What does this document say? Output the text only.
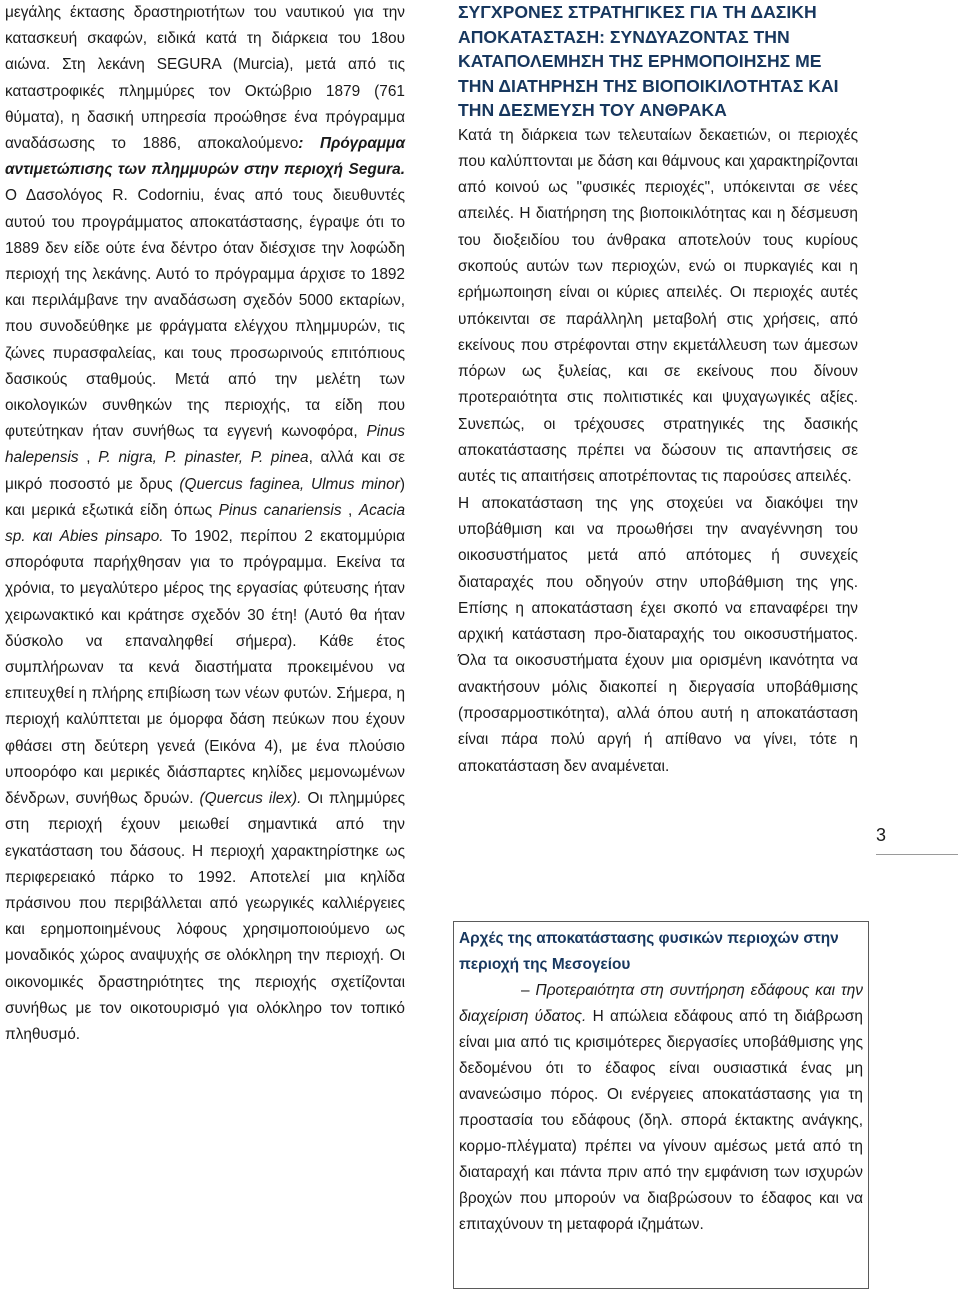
μεγάλης έκτασης δραστηριοτήτων του ναυτικού για την κατασκευή σκαφών, ειδικά κατά τη διάρκεια του 18ου αιώνα. Στη λεκάνη SEGURA (Murcia), μετά από τις καταστροφικές πλημμύρες τον Οκτώβριο 1879 (761 θύματα), η δασική υπηρεσία προώθησε ένα πρόγραμμα αναδάσωσης το 1886, αποκαλούμενο: Πρόγραμμα αντιμετώπισης των πλημμυρών στην περιοχή Segura. Ο Δασολόγος R. Codorniu, ένας από τους διευθυντές αυτού του προγράμματος αποκατάστασης, έγραψε ότι το 1889 δεν είδε ούτε ένα δέντρο όταν διέσχισε την λοφώδη περιοχή της λεκάνης. Αυτό το πρόγραμμα άρχισε το 1892 και περιλάμβανε την αναδάσωση σχεδόν 5000 εκταρίων, που συνοδεύθηκε με φράγματα ελέγχου πλημμυρών, τις ζώνες πυρασφαλείας, και τους προσωρινούς επιτόπιους δασικούς σταθμούς. Μετά από την μελέτη των οικολογικών συνθηκών της περιοχής, τα είδη που φυτεύτηκαν ήταν συνήθως τα εγγενή κωνοφόρα, Pinus halepensis , P. nigra, P. pinaster, P. pinea, αλλά και σε μικρό ποσοστό με δρυς (Quercus faginea, Ulmus minor) και μερικά εξωτικά είδη όπως Pinus canariensis , Acacia sp. και Abies pinsapo. Το 1902, περίπου 2 εκατομμύρια σπορόφυτα παρήχθησαν για το πρόγραμμα. Εκείνα τα χρόνια, το μεγαλύτερο μέρος της εργασίας φύτευσης ήταν χειρωνακτικό και κράτησε σχεδόν 30 έτη! (Αυτό θα ήταν δύσκολο να επαναληφθεί σήμερα). Κάθε έτος συμπλήρωναν τα κενά διαστήματα προκειμένου να επιτευχθεί η πλήρης επιβίωση των νέων φυτών. Σήμερα, η περιοχή καλύπτεται με όμορφα δάση πεύκων που έχουν φθάσει στη δεύτερη γενεά (Εικόνα 4), με ένα πλούσιο υποορόφο και μερικές διάσπαρτες κηλίδες μεμονωμένων δένδρων, συνήθως δρυών. (Quercus ilex). Οι πλημμύρες στη περιοχή έχουν μειωθεί σημαντικά από την εγκατάσταση του δάσους. Η περιοχή χαρακτηρίστηκε ως περιφερειακό πάρκο το 1992. Αποτελεί μια κηλίδα πράσινου που περιβάλλεται από γεωργικές καλλιέργειες και ερημοποιημένους λόφους χρησιμοποιούμενο ως μοναδικός χώρος αναψυχής σε ολόκληρη την περιοχή. Οι οικονομικές δραστηριότητες της περιοχής σχετίζονται συνήθως με τον οικοτουρισμό για ολόκληρο τον τοπικό πληθυσμό.

ΣΥΓΧΡΟΝΕΣ ΣΤΡΑΤΗΓΙΚΕΣ ΓΙΑ ΤΗ ΔΑΣΙΚΗ ΑΠΟΚΑΤΑΣΤΑΣΗ: ΣΥΝΔΥΑΖΟΝΤΑΣ ΤΗΝ ΚΑΤΑΠΟΛΕΜΗΣΗ ΤΗΣ ΕΡΗΜΟΠΟΙΗΣΗΣ ΜΕ ΤΗΝ ΔΙΑΤΗΡΗΣΗ ΤΗΣ ΒΙΟΠΟΙΚΙΛΟΤΗΤΑΣ ΚΑΙ ΤΗΝ ΔΕΣΜΕΥΣΗ ΤΟΥ ΑΝΘΡΑΚΑ

Κατά τη διάρκεια των τελευταίων δεκαετιών, οι περιοχές που καλύπτονται με δάση και θάμνους και χαρακτηρίζονται από κοινού ως "φυσικές περιοχές", υπόκεινται σε νέες απειλές. Η διατήρηση της βιοποικιλότητας και η δέσμευση του διοξειδίου του άνθρακα αποτελούν τους κυρίους σκοπούς αυτών των περιοχών, ενώ οι πυρκαγιές και η ερήμωποιηση είναι οι κύριες απειλές. Οι περιοχές αυτές υπόκεινται σε παράλληλη μεταβολή στις χρήσεις, από εκείνους που στρέφονται στην εκμετάλλευση των άμεσων πόρων ως ξυλείας, και σε εκείνους που δίνουν προτεραιότητα στις πολιτιστικές και ψυχαγωγικές αξίες. Συνεπώς, οι τρέχουσες στρατηγικές της δασικής αποκατάστασης πρέπει να δώσουν τις απαντήσεις σε αυτές τις απαιτήσεις αποτρέποντας τις παρούσες απειλές.

Η αποκατάσταση της γης στοχεύει να διακόψει την υποβάθμιση και να προωθήσει την αναγέννηση του οικοσυστήματος μετά από απότομες ή συνεχείς διαταραχές που οδηγούν στην υποβάθμιση της γης. Επίσης η αποκατάσταση έχει σκοπό να επαναφέρει την αρχική κατάσταση προ-διαταραχής του οικοσυστήματος. Όλα τα οικοσυστήματα έχουν μια ορισμένη ικανότητα να ανακτήσουν μόλις διακοπεί η διεργασία υποβάθμισης (προσαρμοστικότητα), αλλά όπου αυτή η αποκατάσταση είναι πάρα πολύ αργή ή απίθανο να γίνει, τότε η αποκατάσταση δεν αναμένεται.

3
Αρχές της αποκατάστασης φυσικών περιοχών στην περιοχή της Μεσογείου

– Προτεραιότητα στη συντήρηση εδάφους και την διαχείριση ύδατος. Η απώλεια εδάφους από τη διάβρωση είναι μια από τις κρισιμότερες διεργασίες υποβάθμισης γης δεδομένου ότι το έδαφος είναι ουσιαστικά ένας μη ανανεώσιμο πόρος. Οι ενέργειες αποκατάστασης για τη προστασία του εδάφους (δηλ. σπορά έκτακτης ανάγκης, κορμο-πλέγματα) πρέπει να γίνουν αμέσως μετά από τη διαταραχή και πάντα πριν από την εμφάνιση των ισχυρών βροχών που μπορούν να διαβρώσουν το έδαφος και να επιταχύνουν τη μεταφορά ιζημάτων.
